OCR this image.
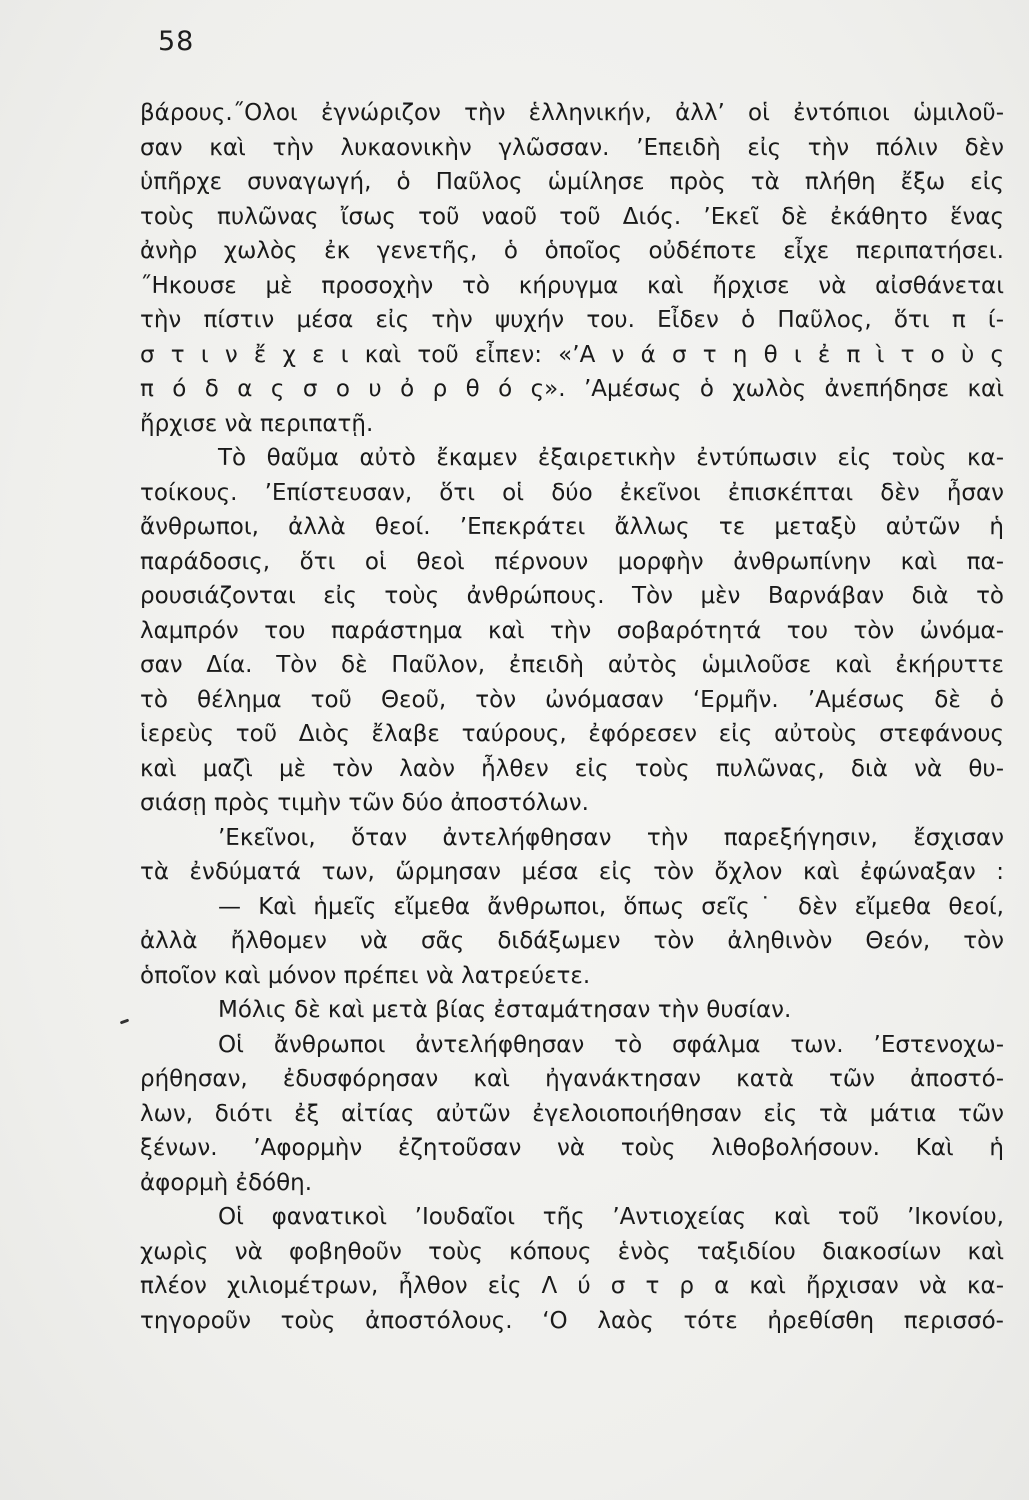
58
βάρους.˝Ολοι ἐγνώριζον τὴν ἑλληνικήν, ἀλλ’ οἱ ἐντόπιοι ὡμιλοῦ-
σαν καὶ τὴν λυκαονικὴν γλῶσσαν. ’Επειδὴ εἰς τὴν πόλιν δὲν
ὑπῆρχε συναγωγή, ὁ Παῦλος ὡμίλησε πρὸς τὰ πλήθη ἔξω εἰς
τοὺς πυλῶνας ἴσως τοῦ ναοῦ τοῦ Διός. ’Εκεῖ δὲ ἐκάθητο ἕνας
ἀνὴρ χωλὸς ἐκ γενετῆς, ὁ ὁποῖος οὐδέποτε εἶχε περιπατήσει.
˝Ηκουσε μὲ προσοχὴν τὸ κήρυγμα καὶ ἤρχισε νὰ αἰσθάνεται
τὴν πίστιν μέσα εἰς τὴν ψυχήν του. Εἶδεν ὁ Παῦλος, ὅτι π ί-
σ τ ι ν ἔ χ ε ι καὶ τοῦ εἶπεν: «’Α ν ά σ τ η θ ι ἐ π ὶ τ ο ὺ ς
π ό δ α ς σ ο υ ὀ ρ θ ό ς». ’Αμέσως ὁ χωλὸς ἀνεπήδησε καὶ
ἤρχισε νὰ περιπατῇ.
Τὸ θαῦμα αὐτὸ ἔκαμεν ἐξαιρετικὴν ἐντύπωσιν εἰς τοὺς κα-
τοίκους. ’Επίστευσαν, ὅτι οἱ δύο ἐκεῖνοι ἐπισκέπται δὲν ἦσαν
ἄνθρωποι, ἀλλὰ θεοί. ’Επεκράτει ἄλλως τε μεταξὺ αὐτῶν ἡ
παράδοσις, ὅτι οἱ θεοὶ πέρνουν μορφὴν ἀνθρωπίνην καὶ πα-
ρουσιάζονται εἰς τοὺς ἀνθρώπους. Τὸν μὲν Βαρνάβαν διὰ τὸ
λαμπρόν του παράστημα καὶ τὴν σοβαρότητά του τὸν ὠνόμα-
σαν Δία. Τὸν δὲ Παῦλον, ἐπειδὴ αὐτὸς ὡμιλοῦσε καὶ ἐκήρυττε
τὸ θέλημα τοῦ Θεοῦ, τὸν ὠνόμασαν ‘Ερμῆν. ’Αμέσως δὲ ὁ
ἱερεὺς τοῦ Διὸς ἔλαβε ταύρους, ἐφόρεσεν εἰς αὐτοὺς στεφάνους
καὶ μαζὶ μὲ τὸν λαὸν ἦλθεν εἰς τοὺς πυλῶνας, διὰ νὰ θυ-
σιάσῃ πρὸς τιμὴν τῶν δύο ἀποστόλων.
’Εκεῖνοι, ὅταν ἀντελήφθησαν τὴν παρεξήγησιν, ἔσχισαν
τὰ ἐνδύματά των, ὥρμησαν μέσα εἰς τὸν ὄχλον καὶ ἐφώναξαν :
— Καὶ ἡμεῖς εἴμεθα ἄνθρωποι, ὅπως σεῖς˙ δὲν εἴμεθα θεοί,
ἀλλὰ ἤλθομεν νὰ σᾶς διδάξωμεν τὸν ἀληθινὸν Θεόν, τὸν
ὁποῖον καὶ μόνον πρέπει νὰ λατρεύετε.
Μόλις δὲ καὶ μετὰ βίας ἐσταμάτησαν τὴν θυσίαν.
Οἱ ἄνθρωποι ἀντελήφθησαν τὸ σφάλμα των. ’Εστενοχω-
ρήθησαν, ἐδυσφόρησαν καὶ ἠγανάκτησαν κατὰ τῶν ἀποστό-
λων, διότι ἐξ αἰτίας αὐτῶν ἐγελοιοποιήθησαν εἰς τὰ μάτια τῶν
ξένων. ’Αφορμὴν ἐζητοῦσαν νὰ τοὺς λιθοβολήσουν. Καὶ ἡ
ἀφορμὴ ἐδόθη.
Οἱ φανατικοὶ ’Ιουδαῖοι τῆς ’Αντιοχείας καὶ τοῦ ’Ικονίου,
χωρὶς νὰ φοβηθοῦν τοὺς κόπους ἑνὸς ταξιδίου διακοσίων καὶ
πλέον χιλιομέτρων, ἦλθον εἰς Λ ύ σ τ ρ α καὶ ἤρχισαν νὰ κα-
τηγοροῦν τοὺς ἀποστόλους. ‘Ο λαὸς τότε ἠρεθίσθη περισσό-
